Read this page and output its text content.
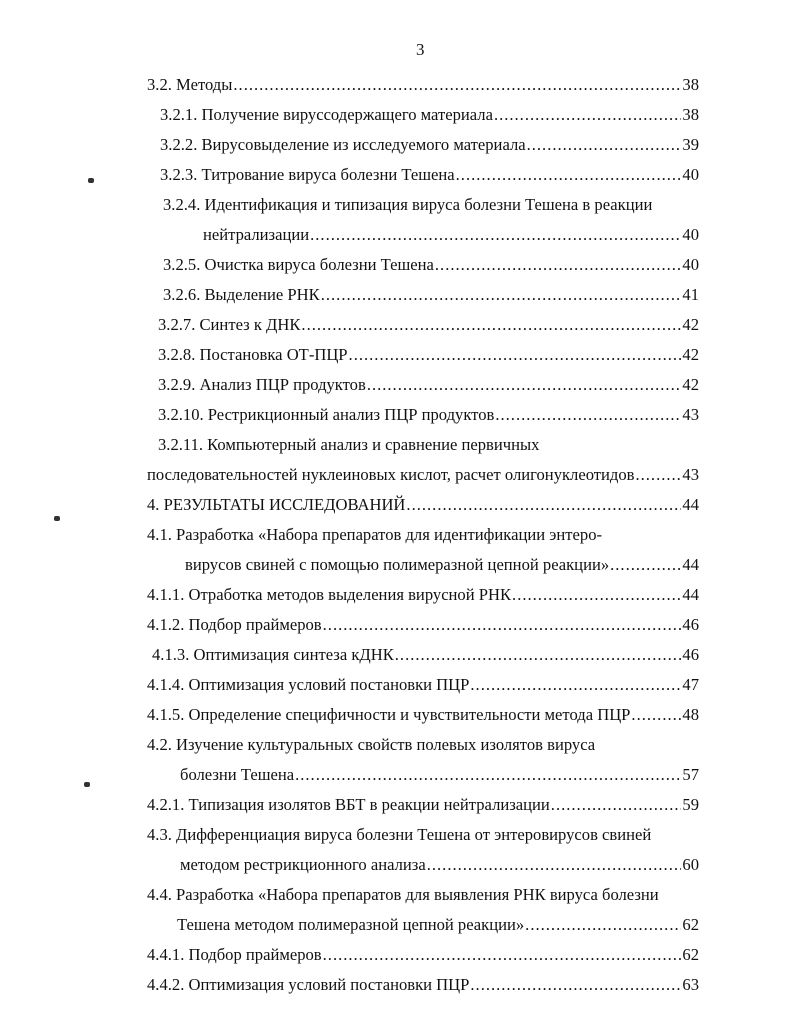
3
3.2. Методы .....	38
3.2.1. Получение вируссодержащего материала .....	38
3.2.2. Вирусовыделение из исследуемого материала .....	39
3.2.3. Титрование вируса болезни Тешена .....	40
3.2.4. Идентификация и типизация вируса болезни Тешена в реакции
нейтрализации .....	40
3.2.5. Очистка вируса болезни Тешена .....	40
3.2.6. Выделение РНК .....	41
3.2.7. Синтез к ДНК .....	42
3.2.8. Постановка ОТ-ПЦР .....	42
3.2.9. Анализ ПЦР продуктов .....	42
3.2.10. Рестрикционный анализ ПЦР продуктов .....	43
3.2.11. Компьютерный анализ и сравнение первичных
последовательностей нуклеиновых кислот, расчет олигонуклеотидов .....	43
4. РЕЗУЛЬТАТЫ ИССЛЕДОВАНИЙ .....	44
4.1. Разработка «Набора препаратов для идентификации энтеро-
вирусов свиней с помощью полимеразной цепной реакции» .....	44
4.1.1. Отработка методов выделения вирусной РНК .....	44
4.1.2. Подбор праймеров .....	46
4.1.3. Оптимизация синтеза кДНК .....	46
4.1.4. Оптимизация условий постановки ПЦР .....	47
4.1.5. Определение специфичности и чувствительности метода ПЦР .....	48
4.2. Изучение культуральных свойств полевых изолятов вируса
болезни Тешена .....	57
4.2.1. Типизация изолятов ВБТ в реакции нейтрализации .....	59
4.3. Дифференциация вируса болезни Тешена от энтеровирусов свиней
методом рестрикционного анализа .....	60
4.4. Разработка «Набора препаратов для выявления РНК вируса болезни
Тешена методом полимеразной цепной реакции» .....	62
4.4.1. Подбор праймеров .....	62
4.4.2. Оптимизация условий постановки ПЦР .....	63
